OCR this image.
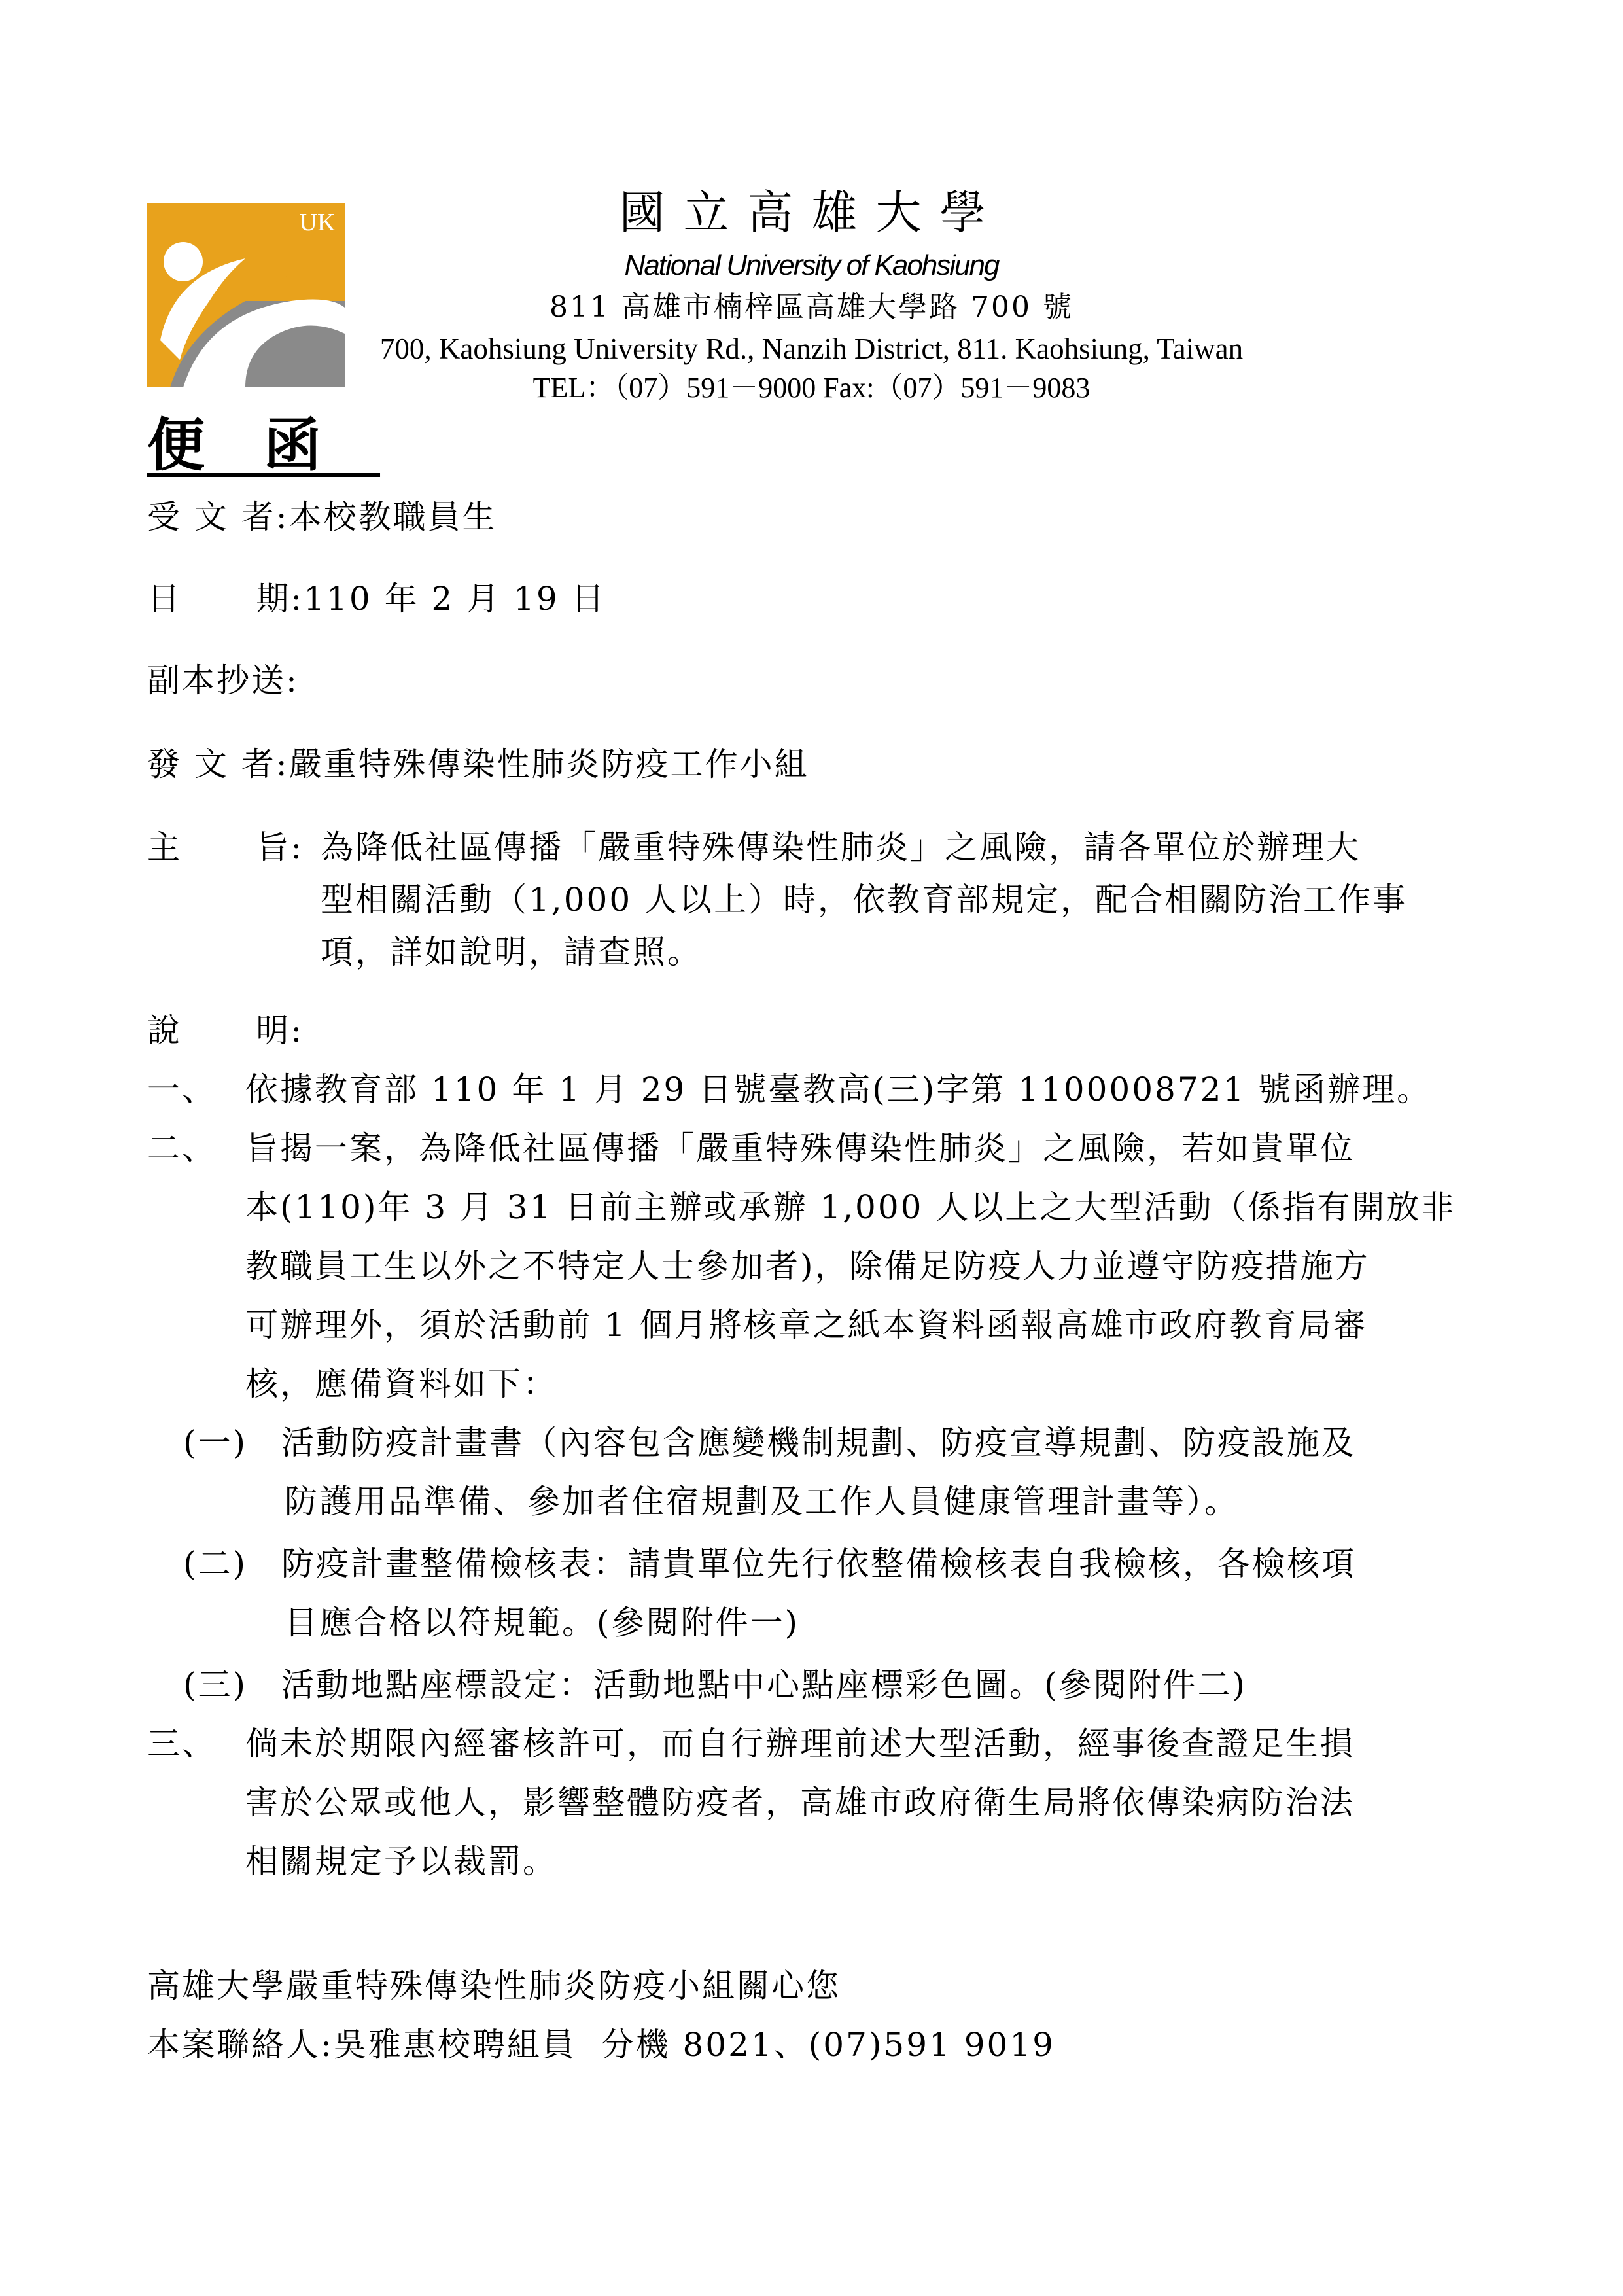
UK	國立高雄大學
National University of Kaohsiung
811 高雄市楠梓區高雄大學路 700 號
700, Kaohsiung University Rd., Nanzih District, 811. Kaohsiung, Taiwan
TEL：（07）591－9000 Fax:（07）591－9083
便函
受 文 者:本校教職員生
日      期:110 年 2 月 19 日
副本抄送:
發 文 者:嚴重特殊傳染性肺炎防疫工作小組
主      旨: 為降低社區傳播「嚴重特殊傳染性肺炎」之風險，請各單位於辦理大
型相關活動（1,000 人以上）時，依教育部規定，配合相關防治工作事
項，詳如說明，請查照。
說      明:
一、 依據教育部 110 年 1 月 29 日號臺教高(三)字第 1100008721 號函辦理。
二、 旨揭一案，為降低社區傳播「嚴重特殊傳染性肺炎」之風險，若如貴單位
本(110)年 3 月 31 日前主辦或承辦 1,000 人以上之大型活動（係指有開放非
教職員工生以外之不特定人士參加者)，除備足防疫人力並遵守防疫措施方
可辦理外，須於活動前 1 個月將核章之紙本資料函報高雄市政府教育局審
核，應備資料如下：
(一) 活動防疫計畫書（內容包含應變機制規劃、防疫宣導規劃、防疫設施及
防護用品準備、參加者住宿規劃及工作人員健康管理計畫等）。
(二) 防疫計畫整備檢核表：請貴單位先行依整備檢核表自我檢核，各檢核項
目應合格以符規範。(參閱附件一)
(三) 活動地點座標設定：活動地點中心點座標彩色圖。(參閱附件二)
三、 倘未於期限內經審核許可，而自行辦理前述大型活動，經事後查證足生損
害於公眾或他人，影響整體防疫者，高雄市政府衛生局將依傳染病防治法
相關規定予以裁罰。
高雄大學嚴重特殊傳染性肺炎防疫小組關心您
本案聯絡人:吳雅惠校聘組員  分機 8021、(07)591 9019
